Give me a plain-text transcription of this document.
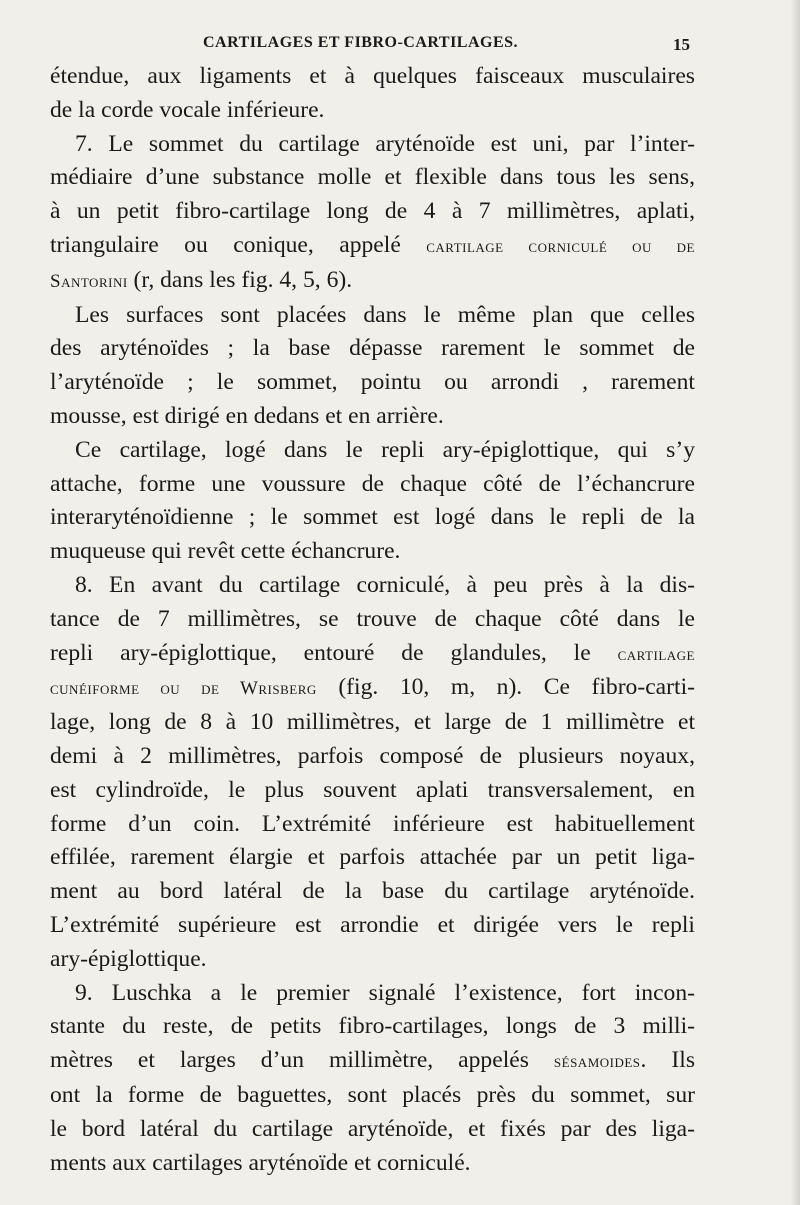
CARTILAGES ET FIBRO-CARTILAGES.	15
étendue, aux ligaments et à quelques faisceaux musculaires
de la corde vocale inférieure.
7. Le sommet du cartilage aryténoïde est uni, par l’inter-
médiaire d’une substance molle et flexible dans tous les sens,
à un petit fibro-cartilage long de 4 à 7 millimètres, aplati,
triangulaire ou conique, appelé cartilage corniculé ou de
Santorini (r, dans les fig. 4, 5, 6).
Les surfaces sont placées dans le même plan que celles
des aryténoïdes ; la base dépasse rarement le sommet de
l’aryténoïde ; le sommet, pointu ou arrondi , rarement
mousse, est dirigé en dedans et en arrière.
Ce cartilage, logé dans le repli ary-épiglottique, qui s’y
attache, forme une voussure de chaque côté de l’échancrure
interaryténoïdienne ; le sommet est logé dans le repli de la
muqueuse qui revêt cette échancrure.
8. En avant du cartilage corniculé, à peu près à la dis-
tance de 7 millimètres, se trouve de chaque côté dans le
repli ary-épiglottique, entouré de glandules, le cartilage
cunéiforme ou de Wrisberg (fig. 10, m, n). Ce fibro-carti-
lage, long de 8 à 10 millimètres, et large de 1 millimètre et
demi à 2 millimètres, parfois composé de plusieurs noyaux,
est cylindroïde, le plus souvent aplati transversalement, en
forme d’un coin. L’extrémité inférieure est habituellement
effilée, rarement élargie et parfois attachée par un petit liga-
ment au bord latéral de la base du cartilage aryténoïde.
L’extrémité supérieure est arrondie et dirigée vers le repli
ary-épiglottique.
9. Luschka a le premier signalé l’existence, fort incon-
stante du reste, de petits fibro-cartilages, longs de 3 milli-
mètres et larges d’un millimètre, appelés sésamoides. Ils
ont la forme de baguettes, sont placés près du sommet, sur
le bord latéral du cartilage aryténoïde, et fixés par des liga-
ments aux cartilages aryténoïde et corniculé.
